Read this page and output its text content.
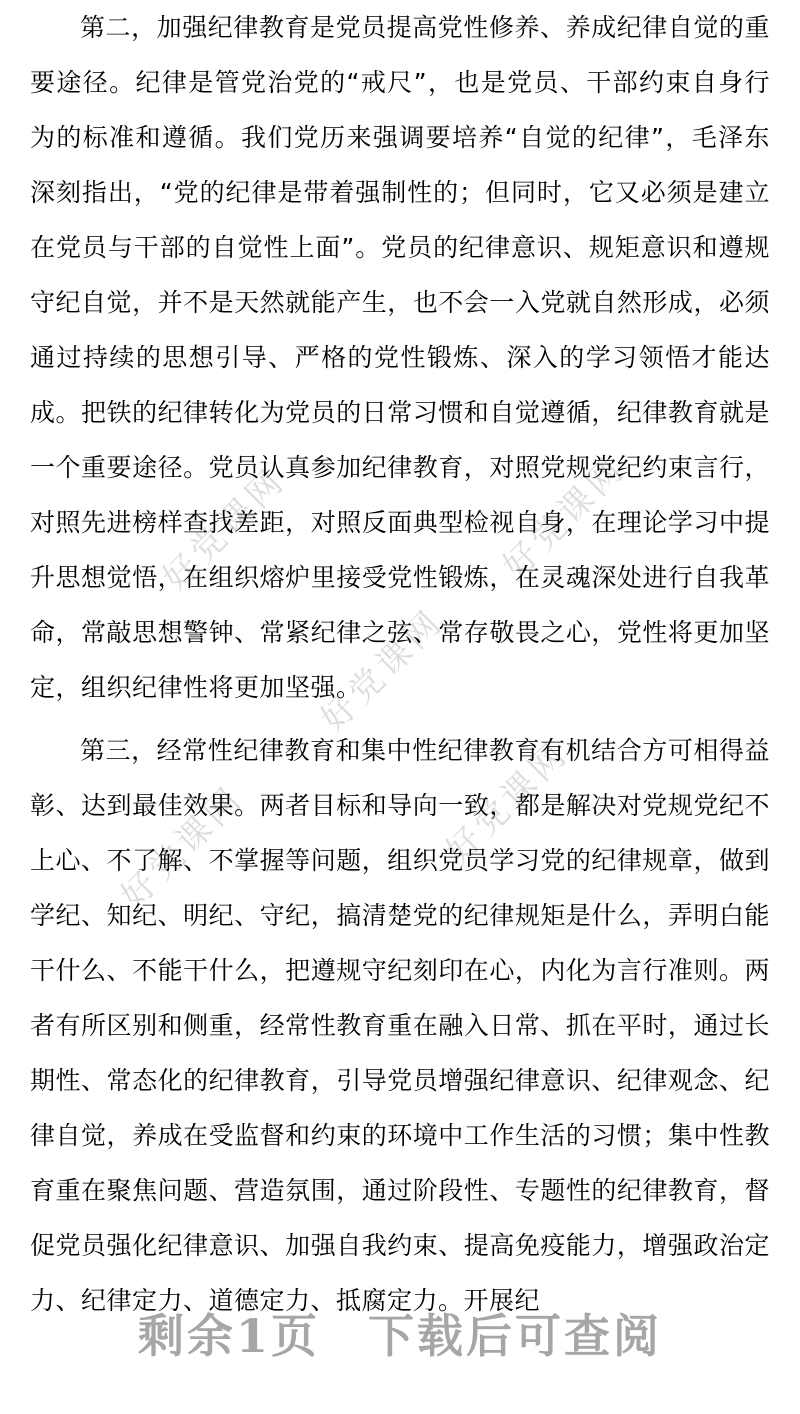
好党课网	好党课网
好党课网
好党课网
好党课网

第二，加强纪律教育是党员提高党性修养、养成纪律自觉的重要途径。纪律是管党治党的“戒尺”，也是党员、干部约束自身行为的标准和遵循。我们党历来强调要培养“自觉的纪律”，毛泽东深刻指出，“党的纪律是带着强制性的；但同时，它又必须是建立在党员与干部的自觉性上面”。党员的纪律意识、规矩意识和遵规守纪自觉，并不是天然就能产生，也不会一入党就自然形成，必须通过持续的思想引导、严格的党性锻炼、深入的学习领悟才能达成。把铁的纪律转化为党员的日常习惯和自觉遵循，纪律教育就是一个重要途径。党员认真参加纪律教育，对照党规党纪约束言行，对照先进榜样查找差距，对照反面典型检视自身，在理论学习中提升思想觉悟，在组织熔炉里接受党性锻炼，在灵魂深处进行自我革命，常敲思想警钟、常紧纪律之弦、常存敬畏之心，党性将更加坚定，组织纪律性将更加坚强。

第三，经常性纪律教育和集中性纪律教育有机结合方可相得益彰、达到最佳效果。两者目标和导向一致，都是解决对党规党纪不上心、不了解、不掌握等问题，组织党员学习党的纪律规章，做到学纪、知纪、明纪、守纪，搞清楚党的纪律规矩是什么，弄明白能干什么、不能干什么，把遵规守纪刻印在心，内化为言行准则。两者有所区别和侧重，经常性教育重在融入日常、抓在平时，通过长期性、常态化的纪律教育，引导党员增强纪律意识、纪律观念、纪律自觉，养成在受监督和约束的环境中工作生活的习惯；集中性教育重在聚焦问题、营造氛围，通过阶段性、专题性的纪律教育，督促党员强化纪律意识、加强自我约束、提高免疫能力，增强政治定力、纪律定力、道德定力、抵腐定力。开展纪

剩余1页 下载后可查阅
